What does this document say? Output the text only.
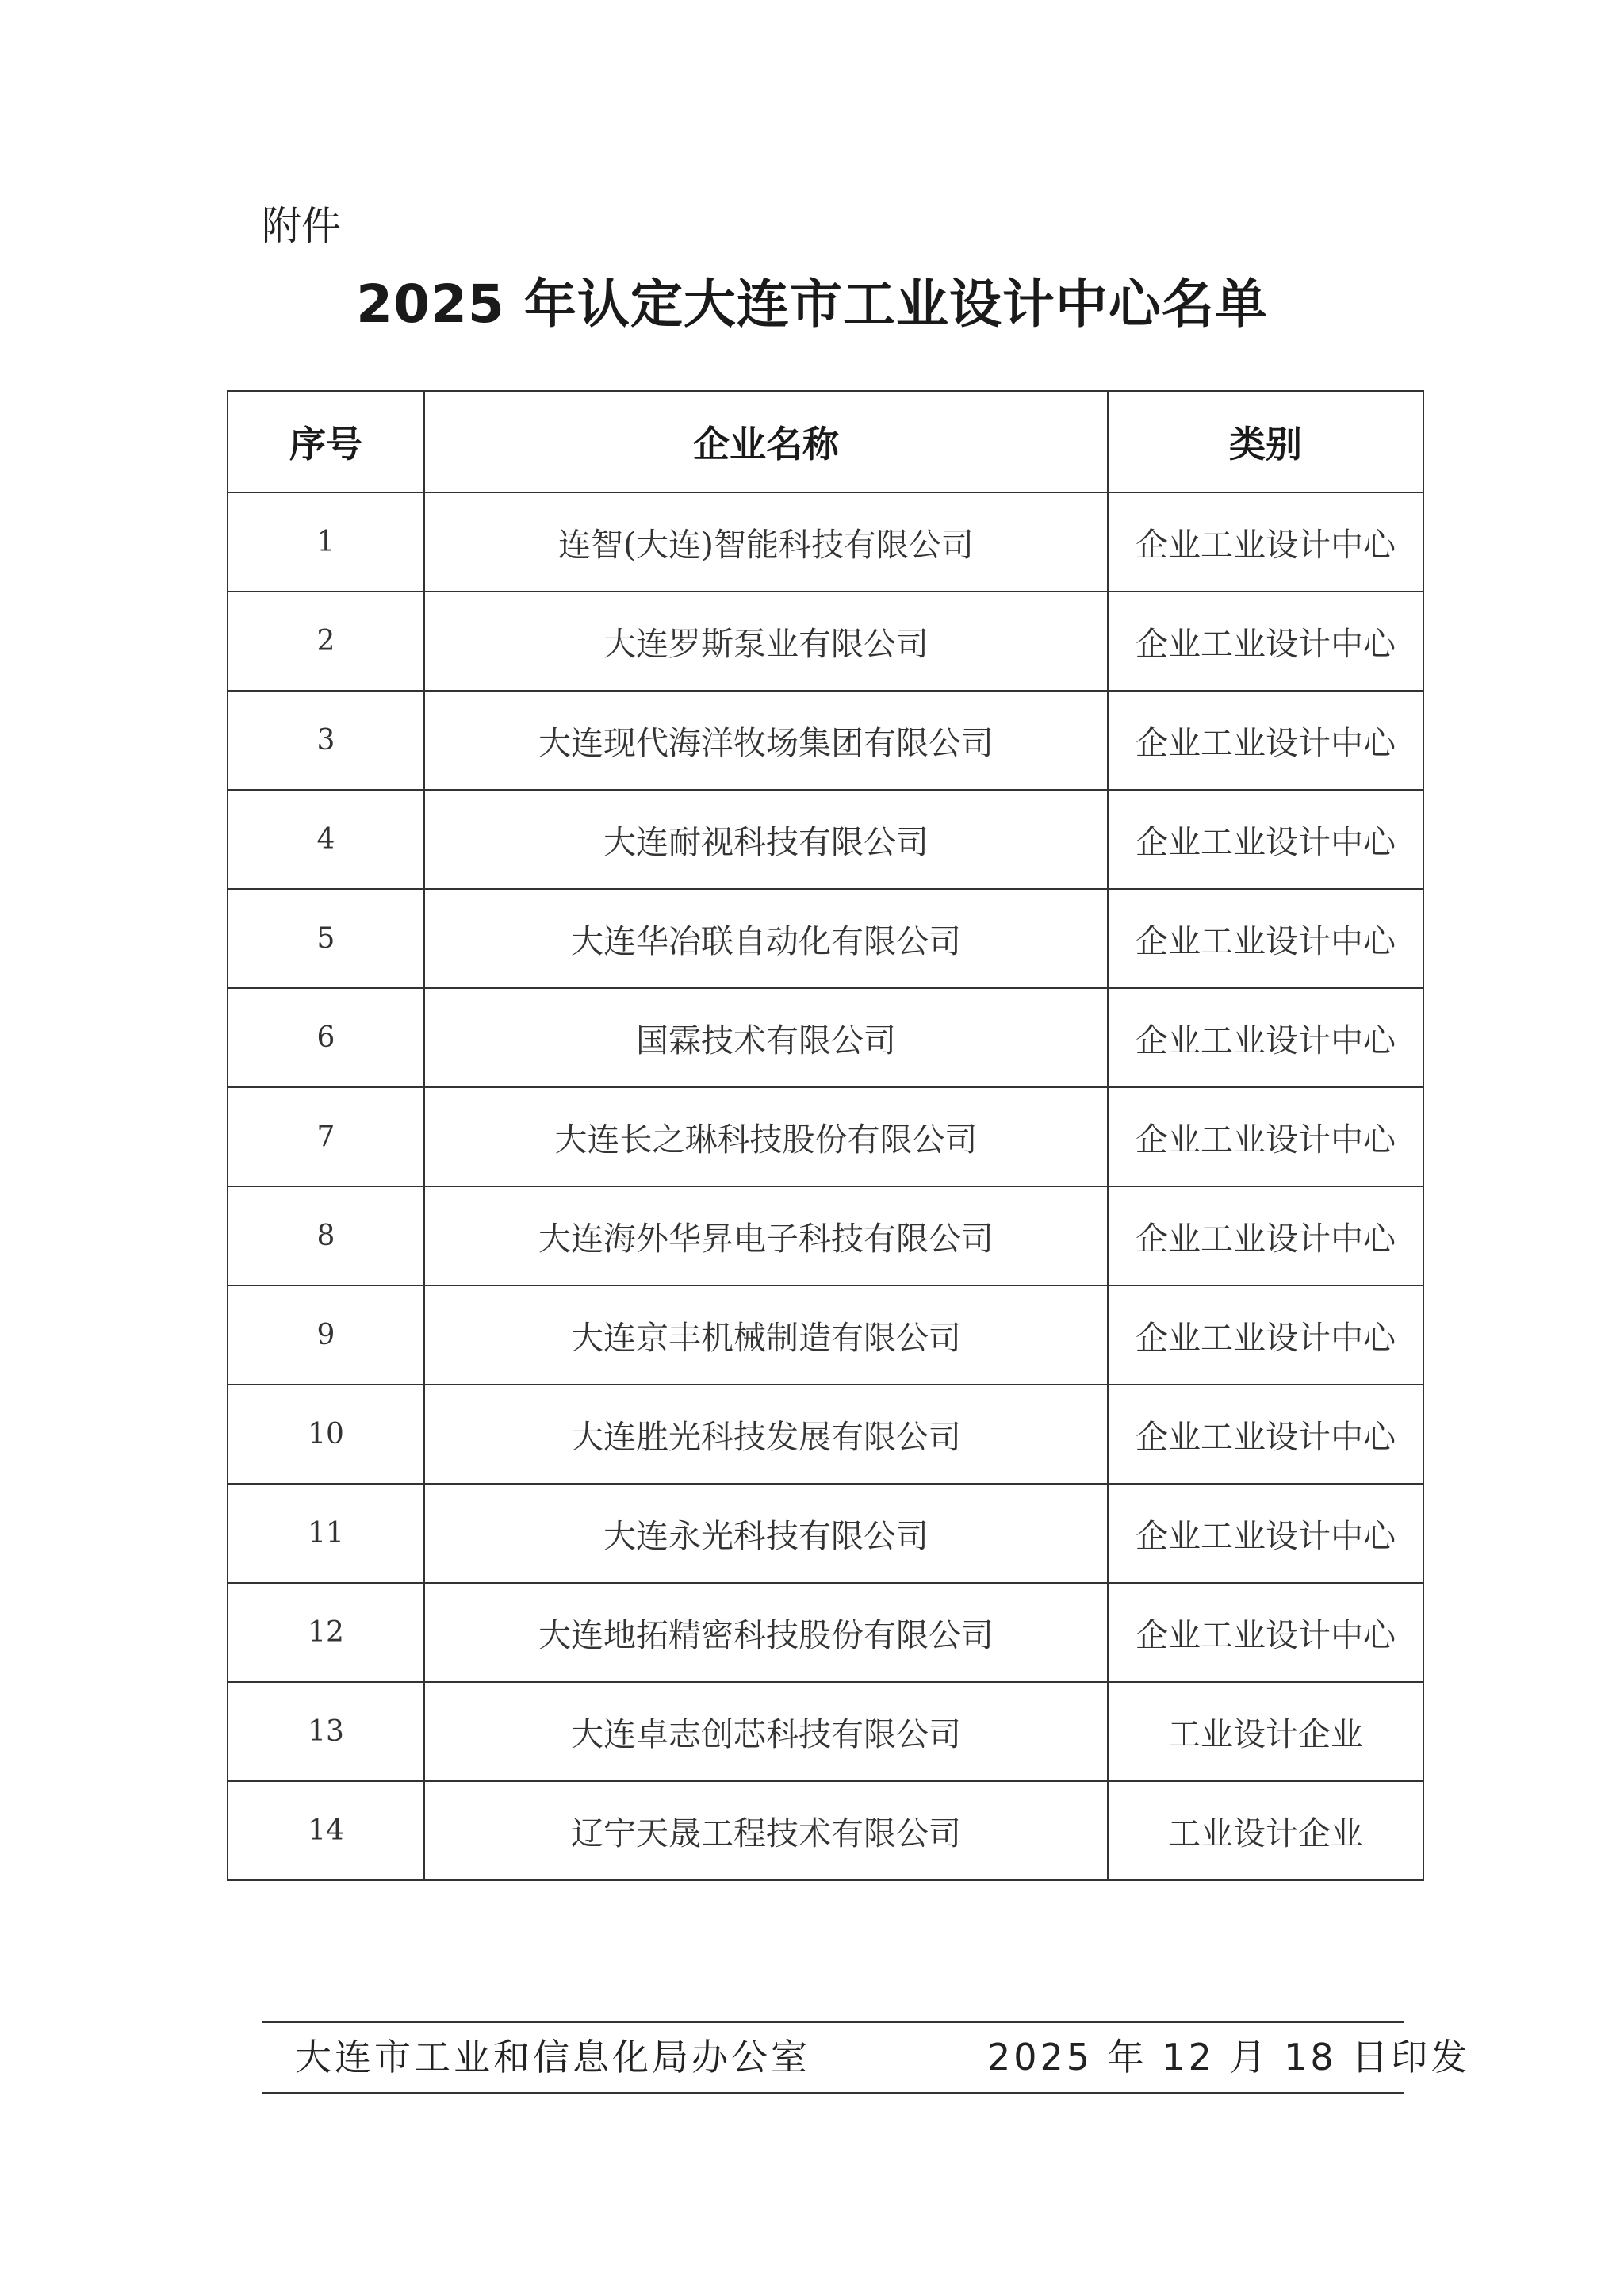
附件
2025 年认定大连市工业设计中心名单
序号	企业名称	类别
1	连智(大连)智能科技有限公司	企业工业设计中心
2	大连罗斯泵业有限公司	企业工业设计中心
3	大连现代海洋牧场集团有限公司	企业工业设计中心
4	大连耐视科技有限公司	企业工业设计中心
5	大连华冶联自动化有限公司	企业工业设计中心
6	国霖技术有限公司	企业工业设计中心
7	大连长之琳科技股份有限公司	企业工业设计中心
8	大连海外华昇电子科技有限公司	企业工业设计中心
9	大连京丰机械制造有限公司	企业工业设计中心
10	大连胜光科技发展有限公司	企业工业设计中心
11	大连永光科技有限公司	企业工业设计中心
12	大连地拓精密科技股份有限公司	企业工业设计中心
13	大连卓志创芯科技有限公司	工业设计企业
14	辽宁天晟工程技术有限公司	工业设计企业
大连市工业和信息化局办公室	2025 年 12 月 18 日印发
